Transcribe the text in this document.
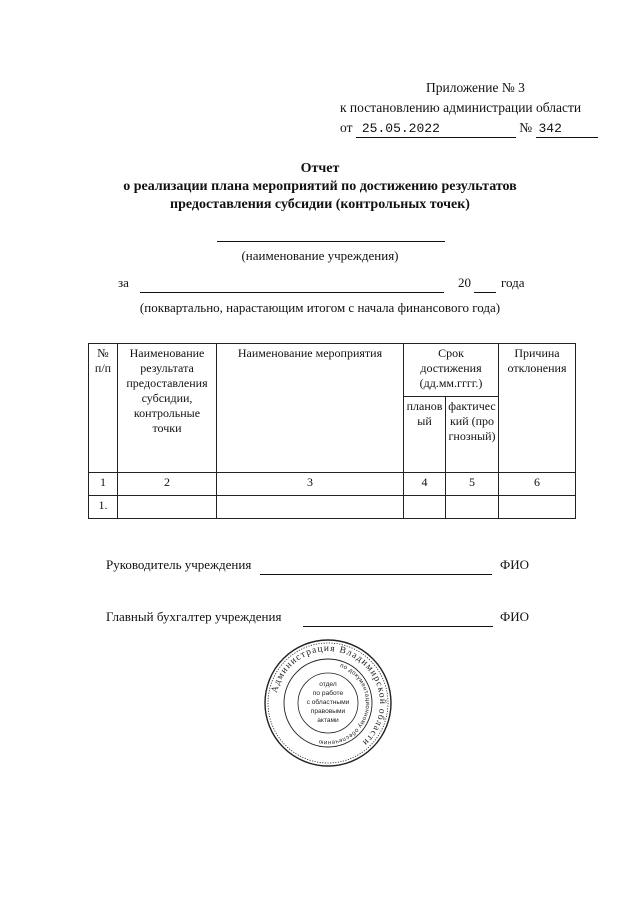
Приложение № 3
к постановлению администрации области
от 25.05.2022	№ 342
Отчет
о реализации плана мероприятий по достижению результатов
предоставления субсидии (контрольных точек)
(наименование учреждения)
за	20 года
(поквартально, нарастающим итогом с начала финансового года)
№ п/п	Наименование результата предоставления субсидии, контрольные точки	Наименование мероприятия	Срок достижения (дд.мм.гггг.)		Причина отклонения
			плановый	фактический (прогнозный)	
1	2	3	4	5	6
1.					
Руководитель учреждения	ФИО
Главный бухгалтер учреждения	ФИО
Администрация Владимирской области
по документационному обеспечению
отдел
по работе
с областными
правовыми
актами
